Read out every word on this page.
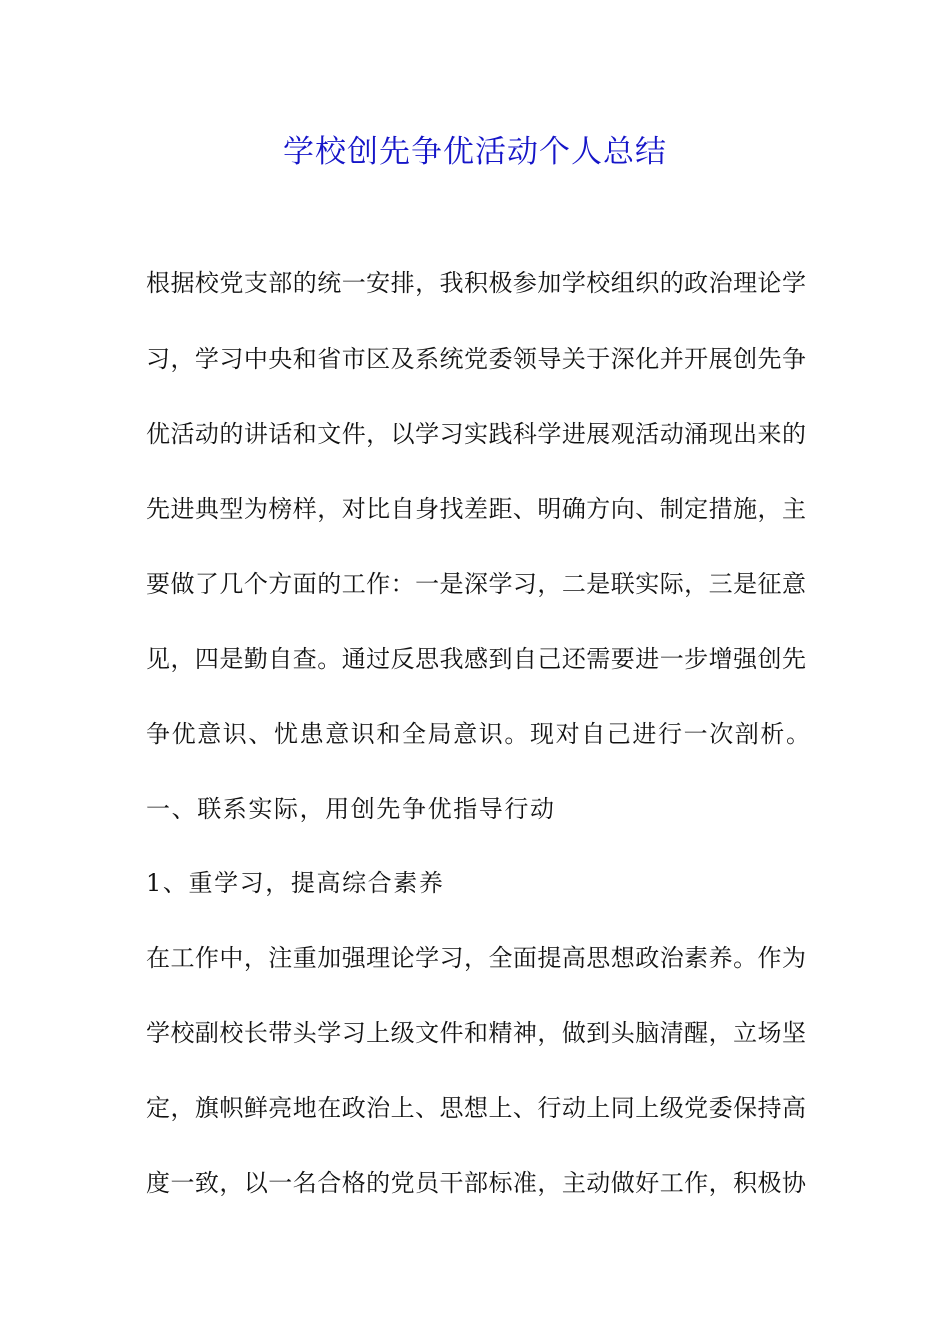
学校创先争优活动个人总结
根据校党支部的统一安排，我积极参加学校组织的政治理论学
习，学习中央和省市区及系统党委领导关于深化并开展创先争
优活动的讲话和文件，以学习实践科学进展观活动涌现出来的
先进典型为榜样，对比自身找差距、明确方向、制定措施，主
要做了几个方面的工作：一是深学习，二是联实际，三是征意
见，四是勤自查。通过反思我感到自己还需要进一步增强创先
争优意识、忧患意识和全局意识。现对自己进行一次剖析。
一、联系实际，用创先争优指导行动
1、重学习，提高综合素养
在工作中，注重加强理论学习，全面提高思想政治素养。作为
学校副校长带头学习上级文件和精神，做到头脑清醒，立场坚
定，旗帜鲜亮地在政治上、思想上、行动上同上级党委保持高
度一致，以一名合格的党员干部标准，主动做好工作，积极协
